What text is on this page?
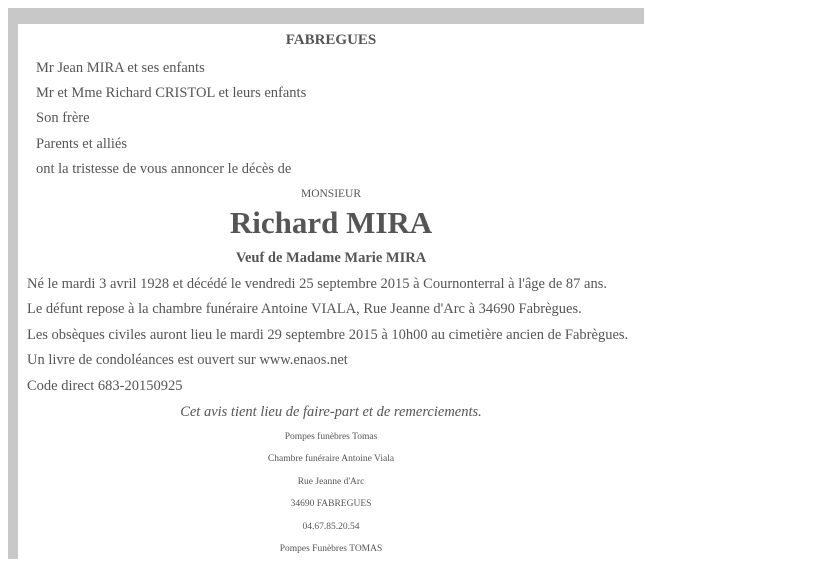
FABREGUES
Mr Jean MIRA et ses enfants
Mr et Mme Richard CRISTOL et leurs enfants
Son frère
Parents et alliés
ont la tristesse de vous annoncer le décès de
MONSIEUR
Richard MIRA
Veuf de Madame Marie MIRA
Né le mardi 3 avril 1928 et décédé le vendredi 25 septembre 2015 à Cournonterral à l'âge de 87 ans.
Le défunt repose à la chambre funéraire Antoine VIALA, Rue Jeanne d'Arc à 34690 Fabrègues.
Les obsèques civiles auront lieu le mardi 29 septembre 2015 à 10h00 au cimetière ancien de Fabrègues.
Un livre de condoléances est ouvert sur www.enaos.net
Code direct 683-20150925
Cet avis tient lieu de faire-part et de remerciements.
Pompes funèbres Tomas
Chambre funéraire Antoine Viala
Rue Jeanne d'Arc
34690 FABREGUES
04.67.85.20.54
Pompes Funèbres TOMAS
